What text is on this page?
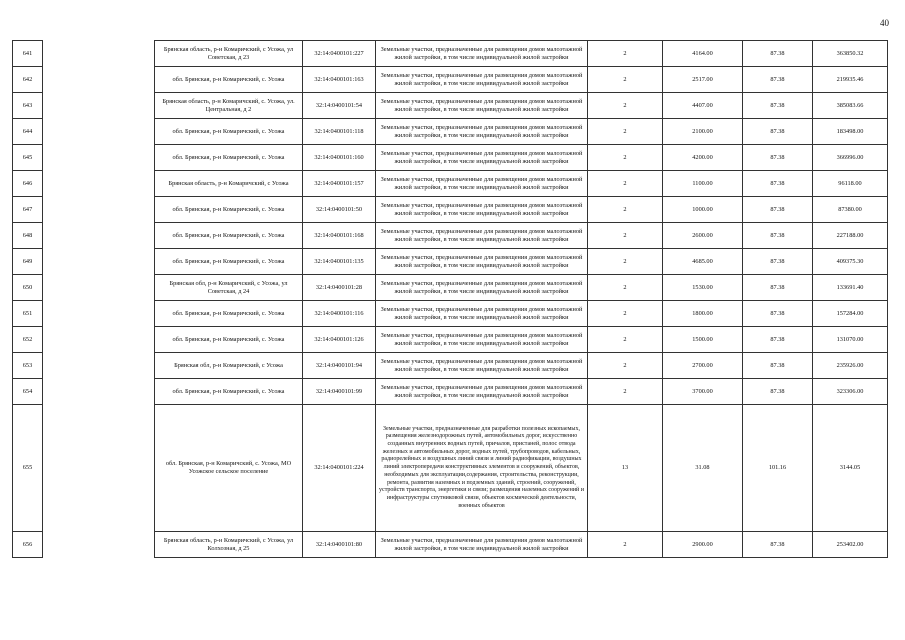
40
641		Брянская область, р-н Комаричский, с Усожа, ул Советская, д 23	32:14:0400101:227	Земельные участки, предназначенные для размещения домов малоэтажной жилой застройки, в том числе индивидуальной жилой застройки	2	4164.00	87.38	363850.32
642		обл. Брянская, р-н Комаричский, с. Усожа	32:14:0400101:163	Земельные участки, предназначенные для размещения домов малоэтажной жилой застройки, в том числе индивидуальной жилой застройки	2	2517.00	87.38	219935.46
643		Брянская область, р-н Комаричский, с. Усожа, ул. Центральная, д 2	32:14:0400101:54	Земельные участки, предназначенные для размещения домов малоэтажной жилой застройки, в том числе индивидуальной жилой застройки	2	4407.00	87.38	385083.66
644		обл. Брянская, р-н Комаричский, с. Усожа	32:14:0400101:118	Земельные участки, предназначенные для размещения домов малоэтажной жилой застройки, в том числе индивидуальной жилой застройки	2	2100.00	87.38	183498.00
645		обл. Брянская, р-н Комаричский, с. Усожа	32:14:0400101:160	Земельные участки, предназначенные для размещения домов малоэтажной жилой застройки, в том числе индивидуальной жилой застройки	2	4200.00	87.38	366996.00
646		Брянская область, р-н Комаричский, с Усожа	32:14:0400101:157	Земельные участки, предназначенные для размещения домов малоэтажной жилой застройки, в том числе индивидуальной жилой застройки	2	1100.00	87.38	96118.00
647		обл. Брянская, р-н Комаричский, с. Усожа	32:14:0400101:50	Земельные участки, предназначенные для размещения домов малоэтажной жилой застройки, в том числе индивидуальной жилой застройки	2	1000.00	87.38	87380.00
648		обл. Брянская, р-н Комаричский, с. Усожа	32:14:0400101:168	Земельные участки, предназначенные для размещения домов малоэтажной жилой застройки, в том числе индивидуальной жилой застройки	2	2600.00	87.38	227188.00
649		обл. Брянская, р-н Комаричский, с. Усожа	32:14:0400101:135	Земельные участки, предназначенные для размещения домов малоэтажной жилой застройки, в том числе индивидуальной жилой застройки	2	4685.00	87.38	409375.30
650		Брянская обл, р-н Комаричский, с Усожа, ул Советская, д 24	32:14:0400101:28	Земельные участки, предназначенные для размещения домов малоэтажной жилой застройки, в том числе индивидуальной жилой застройки	2	1530.00	87.38	133691.40
651		обл. Брянская, р-н Комаричский, с. Усожа	32:14:0400101:116	Земельные участки, предназначенные для размещения домов малоэтажной жилой застройки, в том числе индивидуальной жилой застройки	2	1800.00	87.38	157284.00
652		обл. Брянская, р-н Комаричский, с. Усожа	32:14:0400101:126	Земельные участки, предназначенные для размещения домов малоэтажной жилой застройки, в том числе индивидуальной жилой застройки	2	1500.00	87.38	131070.00
653		Брянская обл, р-н Комаричский, с Усожа	32:14:0400101:94	Земельные участки, предназначенные для размещения домов малоэтажной жилой застройки, в том числе индивидуальной жилой застройки	2	2700.00	87.38	235926.00
654		обл. Брянская, р-н Комаричский, с. Усожа	32:14:0400101:99	Земельные участки, предназначенные для размещения домов малоэтажной жилой застройки, в том числе индивидуальной жилой застройки	2	3700.00	87.38	323306.00
655		обл. Брянская, р-н Комаричский, с. Усожа, МО Усожское сельское поселение	32:14:0400101:224	Земельные участки, предназначенные для разработки полезных ископаемых, размещения железнодорожных путей, автомобильных дорог, искусственно созданных внутренних водных путей, причалов, пристаней, полос отвода железных и автомобильных дорог, водных путей, трубопроводов, кабельных, радиорелейных и воздушных линий связи и линий радиофикации, воздушных линий электропередачи конструктивных элементов и сооружений, объектов, необходимых для эксплуатации,содержания, строительства, реконструкции, ремонта, развития наземных и подземных зданий, строений, сооружений, устройств транспорта, энергетики и связи; размещения наземных сооружений и инфраструктуры спутниковой связи, объектов космической деятельности, военных объектов	13	31.08	101.16	3144.05
656		Брянская область, р-н Комаричский, с Усожа, ул Колхозная, д 25	32:14:0400101:80	Земельные участки, предназначенные для размещения домов малоэтажной жилой застройки, в том числе индивидуальной жилой застройки	2	2900.00	87.38	253402.00
